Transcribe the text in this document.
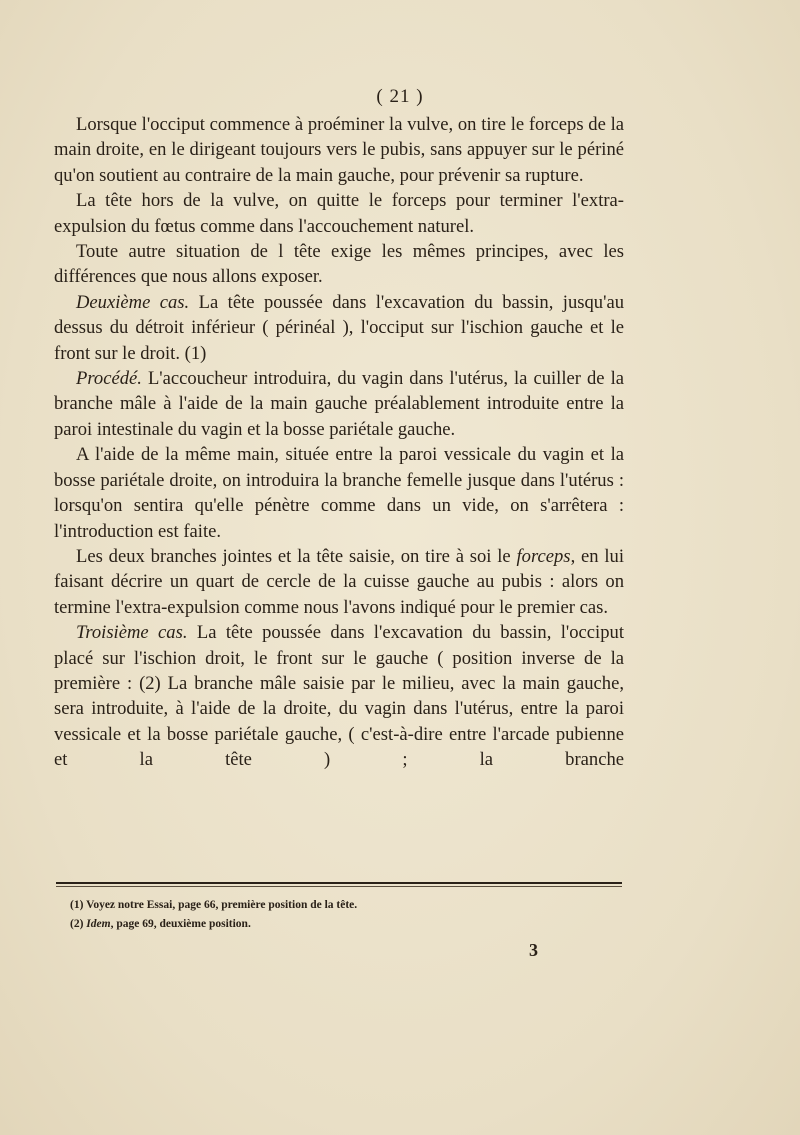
( 21 )

Lorsque l'occiput commence à proéminer la vulve, on tire le forceps de la main droite, en le dirigeant toujours vers le pubis, sans appuyer sur le périné qu'on soutient au contraire de la main gauche, pour prévenir sa rupture.

La tête hors de la vulve, on quitte le forceps pour terminer l'extra-expulsion du fœtus comme dans l'accouchement naturel.

Toute autre situation de l tête exige les mêmes principes, avec les différences que nous allons exposer.

Deuxième cas. La tête poussée dans l'excavation du bassin, jusqu'au dessus du détroit inférieur ( périnéal ), l'occiput sur l'ischion gauche et le front sur le droit. (1)

Procédé. L'accoucheur introduira, du vagin dans l'utérus, la cuiller de la branche mâle à l'aide de la main gauche préalablement introduite entre la paroi intestinale du vagin et la bosse pariétale gauche.

A l'aide de la même main, située entre la paroi vessicale du vagin et la bosse pariétale droite, on introduira la branche femelle jusque dans l'utérus : lorsqu'on sentira qu'elle pénètre comme dans un vide, on s'arrêtera : l'introduction est faite.

Les deux branches jointes et la tête saisie, on tire à soi le forceps, en lui faisant décrire un quart de cercle de la cuisse gauche au pubis : alors on termine l'extra-expulsion comme nous l'avons indiqué pour le premier cas.

Troisième cas. La tête poussée dans l'excavation du bassin, l'occiput placé sur l'ischion droit, le front sur le gauche ( position inverse de la première : (2) La branche mâle saisie par le milieu, avec la main gauche, sera introduite, à l'aide de la droite, du vagin dans l'utérus, entre la paroi vessicale et la bosse pariétale gauche, ( c'est-à-dire entre l'arcade pubienne et la tête ) ; la branche

(1) Voyez notre Essai, page 66, première position de la tête.
(2) Idem, page 69, deuxième position.
3
